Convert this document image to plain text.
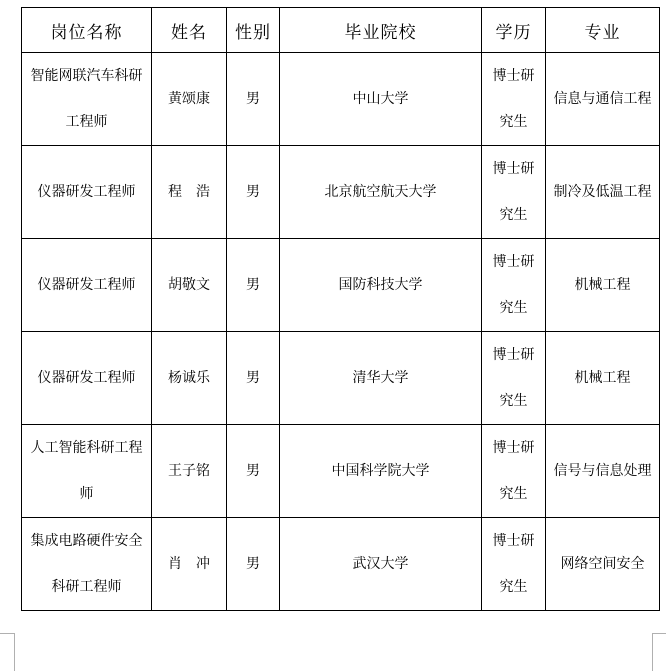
岗位名称	姓名	性别	毕业院校	学历	专业
智能网联汽车科研工程师	黄颂康	男	中山大学	博士研究生	信息与通信工程
仪器研发工程师	程　浩	男	北京航空航天大学	博士研究生	制冷及低温工程
仪器研发工程师	胡敬文	男	国防科技大学	博士研究生	机械工程
仪器研发工程师	杨诚乐	男	清华大学	博士研究生	机械工程
人工智能科研工程师	王子铭	男	中国科学院大学	博士研究生	信号与信息处理
集成电路硬件安全科研工程师	肖　冲	男	武汉大学	博士研究生	网络空间安全
